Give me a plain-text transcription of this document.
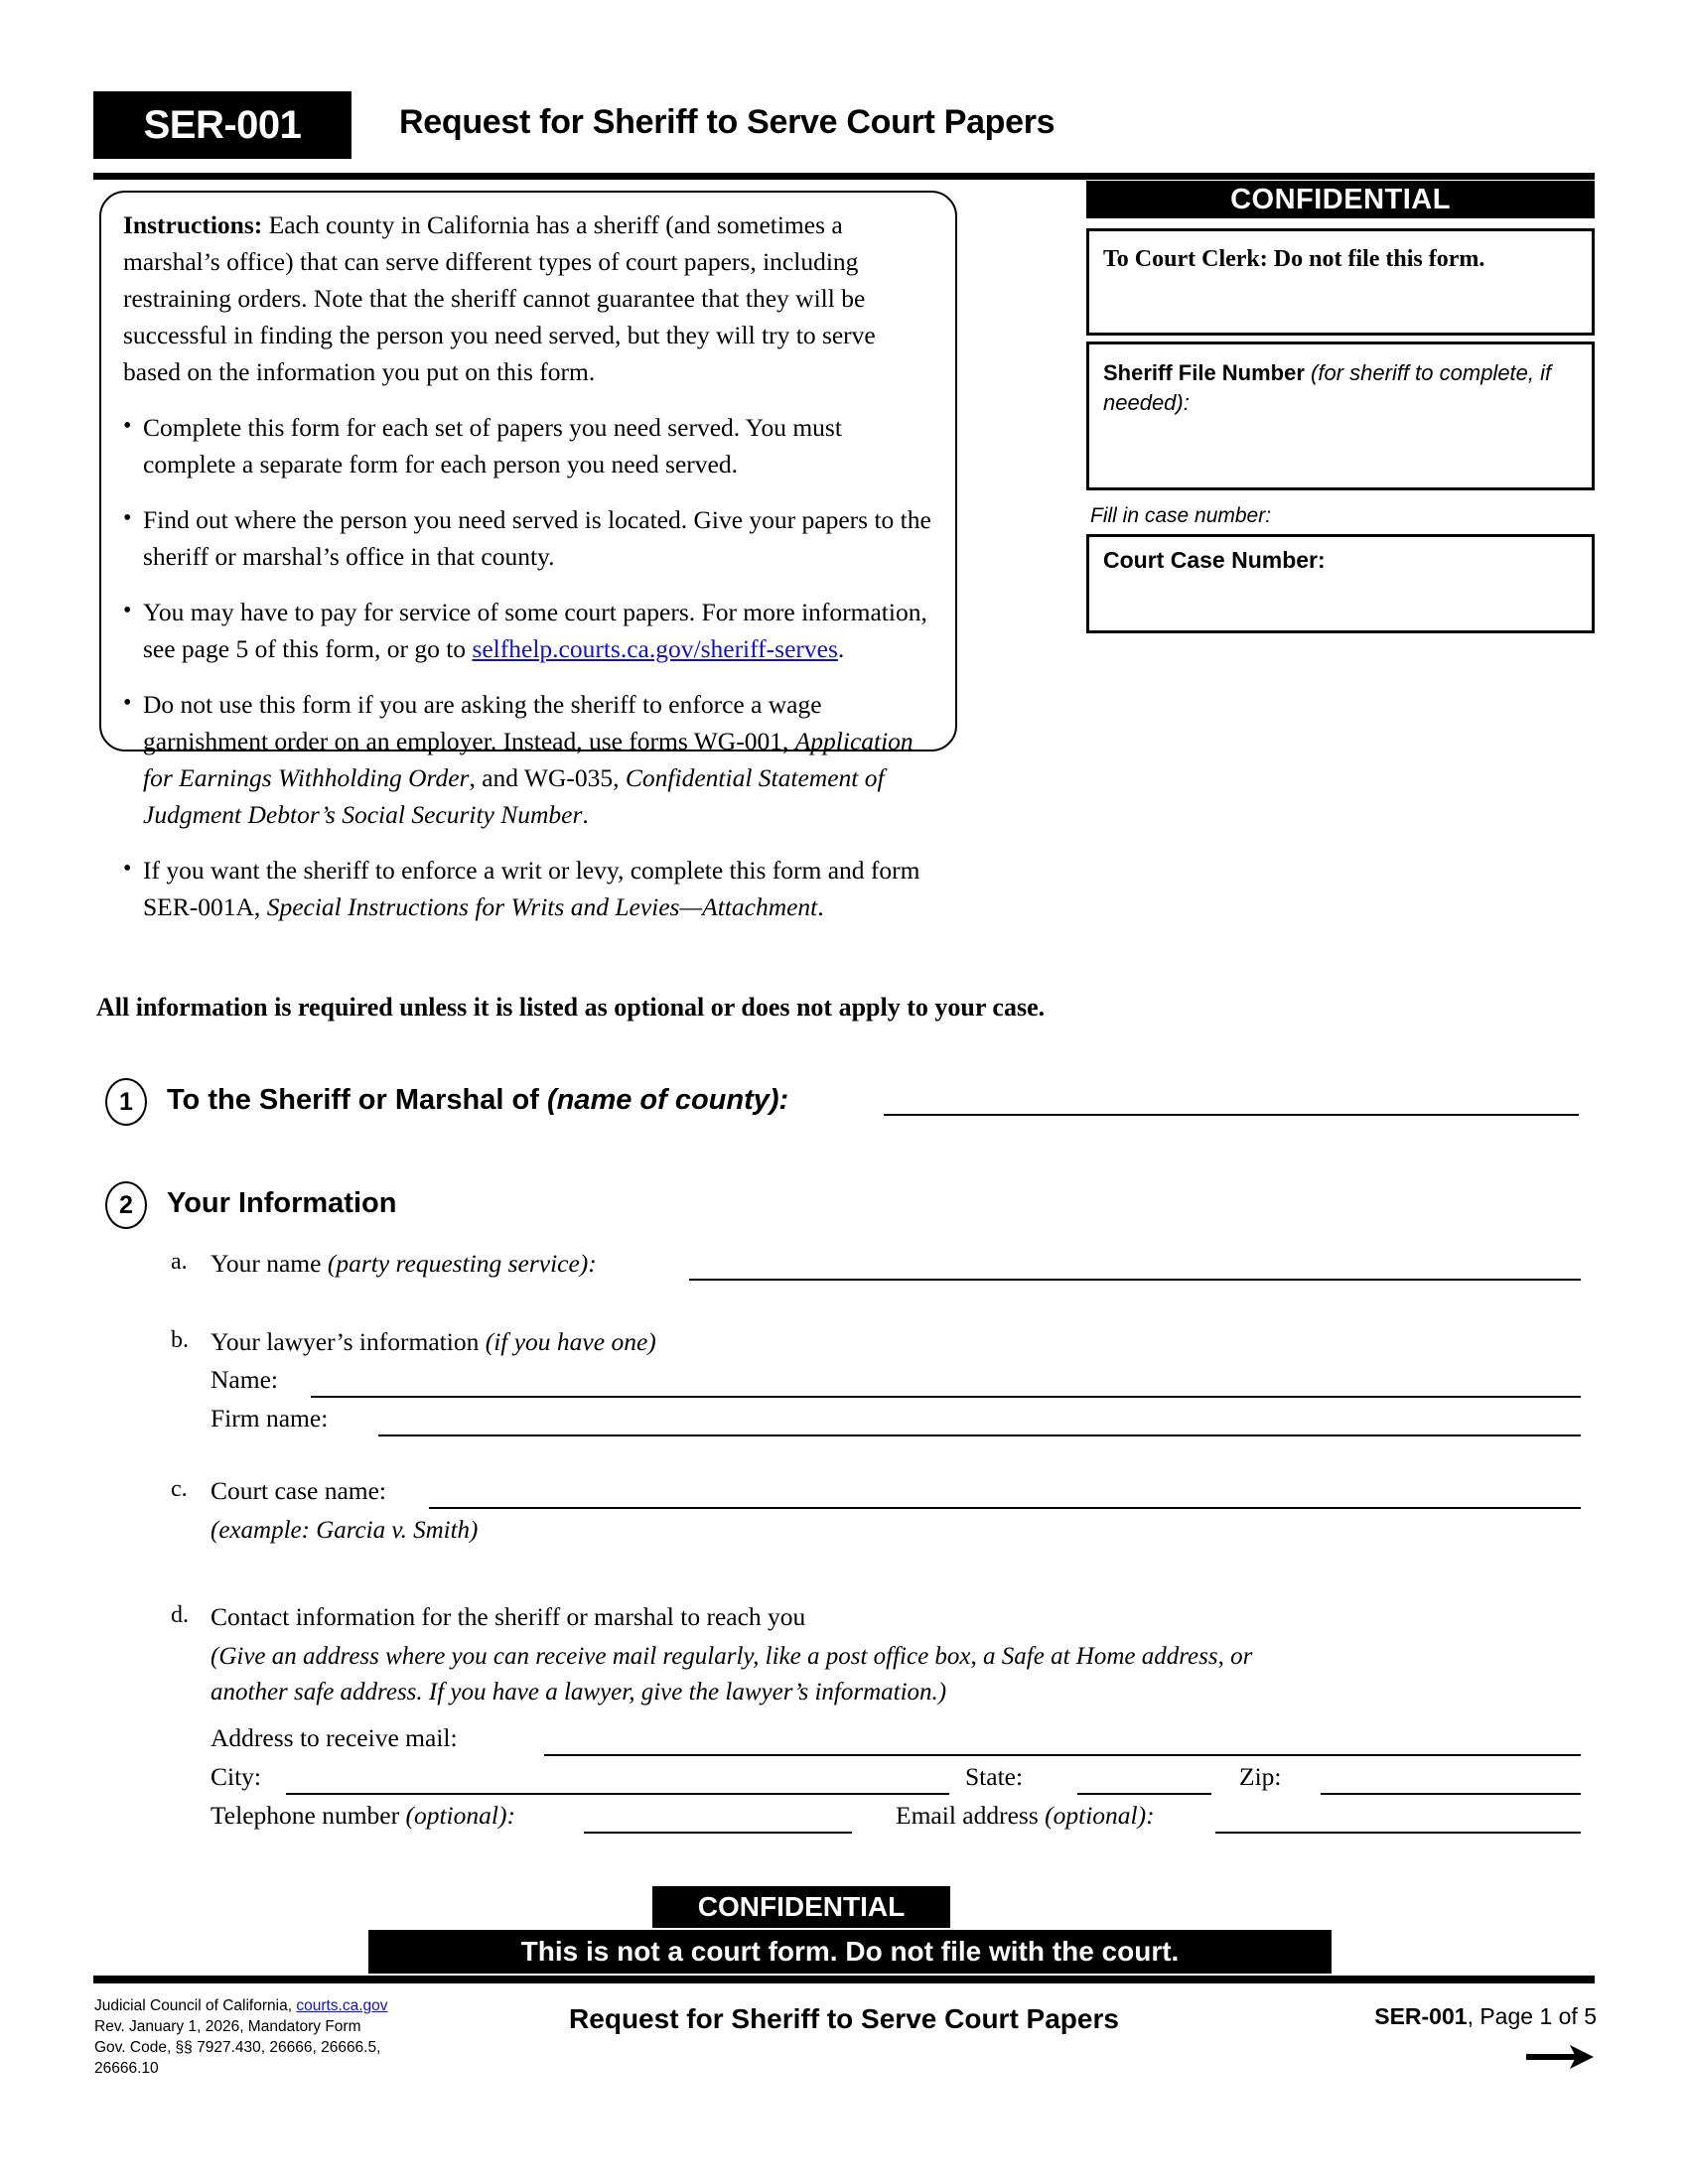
SER-001	Request for Sheriff to Serve Court Papers

Instructions: Each county in California has a sheriff (and sometimes a marshal’s office) that can serve different types of court papers, including restraining orders. Note that the sheriff cannot guarantee that they will be successful in finding the person you need served, but they will try to serve based on the information you put on this form.

• Complete this form for each set of papers you need served. You must complete a separate form for each person you need served.
• Find out where the person you need served is located. Give your papers to the sheriff or marshal’s office in that county.
• You may have to pay for service of some court papers. For more information, see page 5 of this form, or go to selfhelp.courts.ca.gov/sheriff-serves.
• Do not use this form if you are asking the sheriff to enforce a wage garnishment order on an employer. Instead, use forms WG-001, Application for Earnings Withholding Order, and WG-035, Confidential Statement of Judgment Debtor’s Social Security Number.
• If you want the sheriff to enforce a writ or levy, complete this form and form SER-001A, Special Instructions for Writs and Levies—Attachment.
CONFIDENTIAL
To Court Clerk: Do not file this form.
Sheriff File Number (for sheriff to complete, if needed):
Fill in case number:
Court Case Number:
All information is required unless it is listed as optional or does not apply to your case.
1	To the Sheriff or Marshal of (name of county):
2	Your Information
a. Your name (party requesting service):
b. Your lawyer’s information (if you have one)
Name:
Firm name:
c. Court case name:
(example: Garcia v. Smith)
d. Contact information for the sheriff or marshal to reach you
(Give an address where you can receive mail regularly, like a post office box, a Safe at Home address, or
another safe address. If you have a lawyer, give the lawyer’s information.)
Address to receive mail:
City:	State:	Zip:
Telephone number (optional):	Email address (optional):
CONFIDENTIAL
This is not a court form. Do not file with the court.
Judicial Council of California, courts.ca.gov
Rev. January 1, 2026, Mandatory Form
Gov. Code, §§ 7927.430, 26666, 26666.5, 26666.10
Request for Sheriff to Serve Court Papers	SER-001, Page 1 of 5
